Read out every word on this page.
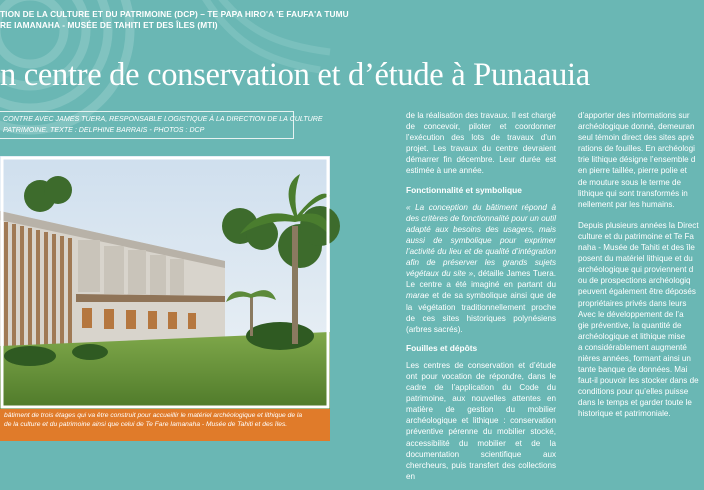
TION DE LA CULTURE ET DU PATRIMOINE (DCP) – TE PAPA HIRO'A 'E FAUFA'A TUMU
RE IAMANAHA - MUSÉE DE TAHITI ET DES ÎLES (MTI)
n centre de conservation et d’étude à Punaauia
CONTRE AVEC JAMES TUERA, RESPONSABLE LOGISTIQUE À LA DIRECTION DE LA CULTURE
PATRIMOINE. TEXTE : DELPHINE BARRAIS - PHOTOS : DCP
bâtiment de trois étages qui va être construit pour accueillir le matériel archéologique et lithique de la
de la culture et du patrimoine ainsi que celui de Te Fare Iamanaha - Musée de Tahiti et des îles.

de la réalisation des travaux. Il est chargé de concevoir, piloter et coordonner l’exécution des lots de travaux d’un projet. Les travaux du centre devraient démarrer fin décembre. Leur durée est estimée à une année.

Fonctionnalité et symbolique

« La conception du bâtiment répond à des critères de fonctionnalité pour un outil adapté aux besoins des usagers, mais aussi de symbolique pour exprimer l’activité du lieu et de qualité d’intégration afin de préserver les grands sujets végétaux du site », détaille James Tuera. Le centre a été imaginé en partant du marae et de sa symbolique ainsi que de la végétation traditionnellement proche de ces sites historiques polynésiens (arbres sacrés).

Fouilles et dépôts

Les centres de conservation et d’étude ont pour vocation de répondre, dans le cadre de l’application du Code du patrimoine, aux nouvelles attentes en matière de gestion du mobilier archéologique et lithique : conservation préventive pérenne du mobilier stocké, accessibilité du mobilier et de la documentation scientifique aux chercheurs, puis transfert des collections en

d’apporter des informations sur
archéologique donné, demeuran
seul témoin direct des sites aprè
rations de fouilles. En archéologi
trie lithique désigne l’ensemble d
en pierre taillée, pierre polie et
de mouture sous le terme de
lithique qui sont transformés in
nellement par les humains.
Depuis plusieurs années la Direct
culture et du patrimoine et Te Fa
naha - Musée de Tahiti et des île
posent du matériel lithique et du
archéologique qui proviennent d
ou de prospections archéologiq
peuvent également être déposés
propriétaires privés dans leurs
Avec le développement de l’a
gie préventive, la quantité de
archéologique et lithique mise
a considérablement augmenté
nières années, formant ainsi un
tante banque de données. Mai
faut-il pouvoir les stocker dans de
conditions pour qu’elles puisse
dans le temps et garder toute le
historique et patrimoniale.
